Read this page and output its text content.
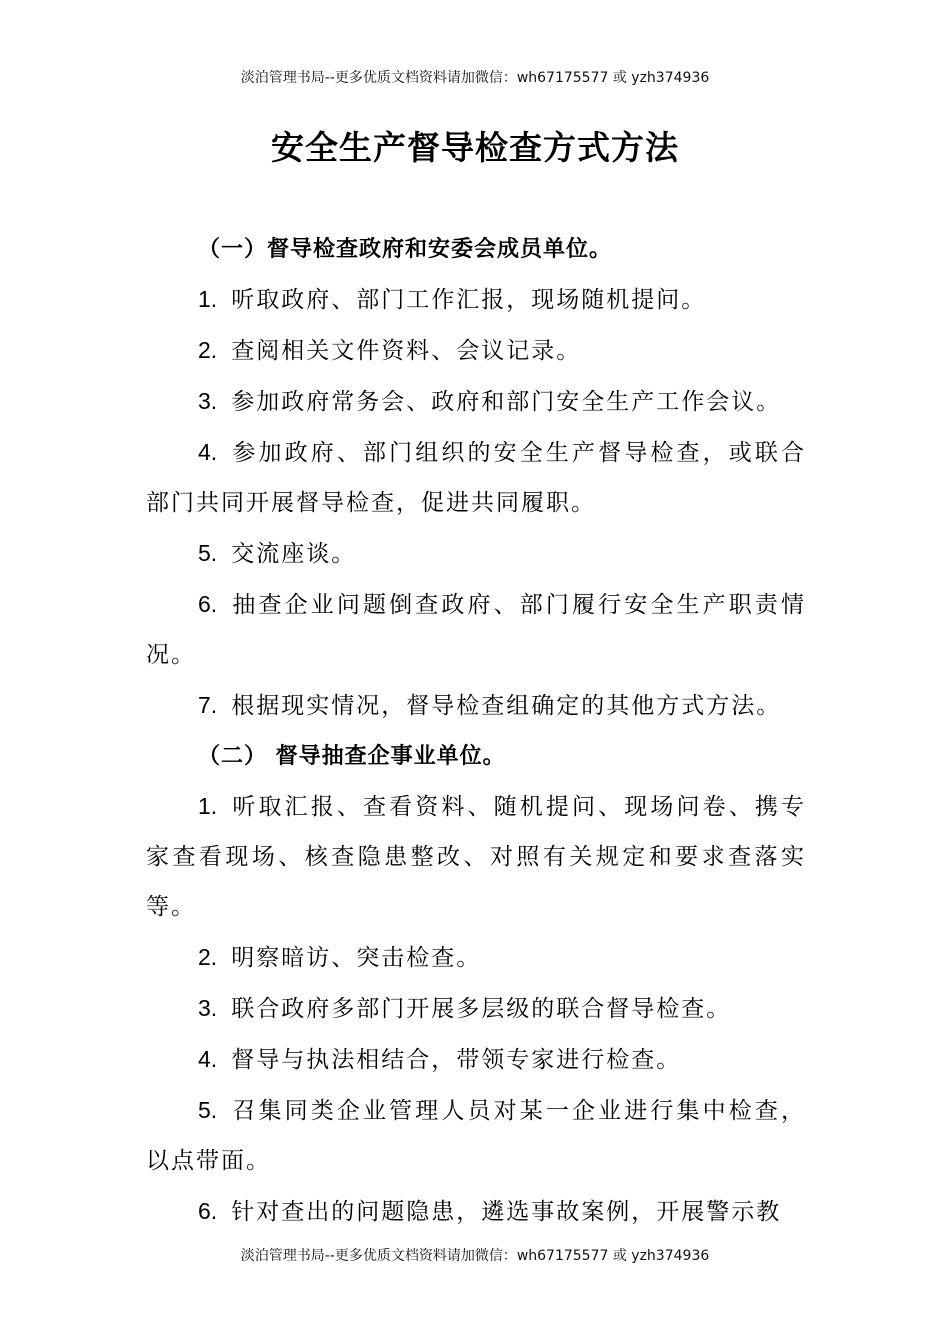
淡泊管理书局--更多优质文档资料请加微信：wh67175577 或 yzh374936
安全生产督导检查方式方法
（一）督导检查政府和安委会成员单位。

1. 听取政府、部门工作汇报，现场随机提问。

2. 查阅相关文件资料、会议记录。

3. 参加政府常务会、政府和部门安全生产工作会议。

4. 参加政府、部门组织的安全生产督导检查，或联合部门共同开展督导检查，促进共同履职。

5. 交流座谈。

6. 抽查企业问题倒查政府、部门履行安全生产职责情况。

7. 根据现实情况，督导检查组确定的其他方式方法。

（二） 督导抽查企事业单位。

1. 听取汇报、查看资料、随机提问、现场问卷、携专家查看现场、核查隐患整改、对照有关规定和要求查落实等。

2. 明察暗访、突击检查。

3. 联合政府多部门开展多层级的联合督导检查。

4. 督导与执法相结合，带领专家进行检查。

5. 召集同类企业管理人员对某一企业进行集中检查，以点带面。

6. 针对查出的问题隐患，遴选事故案例，开展警示教

淡泊管理书局--更多优质文档资料请加微信：wh67175577 或 yzh374936
